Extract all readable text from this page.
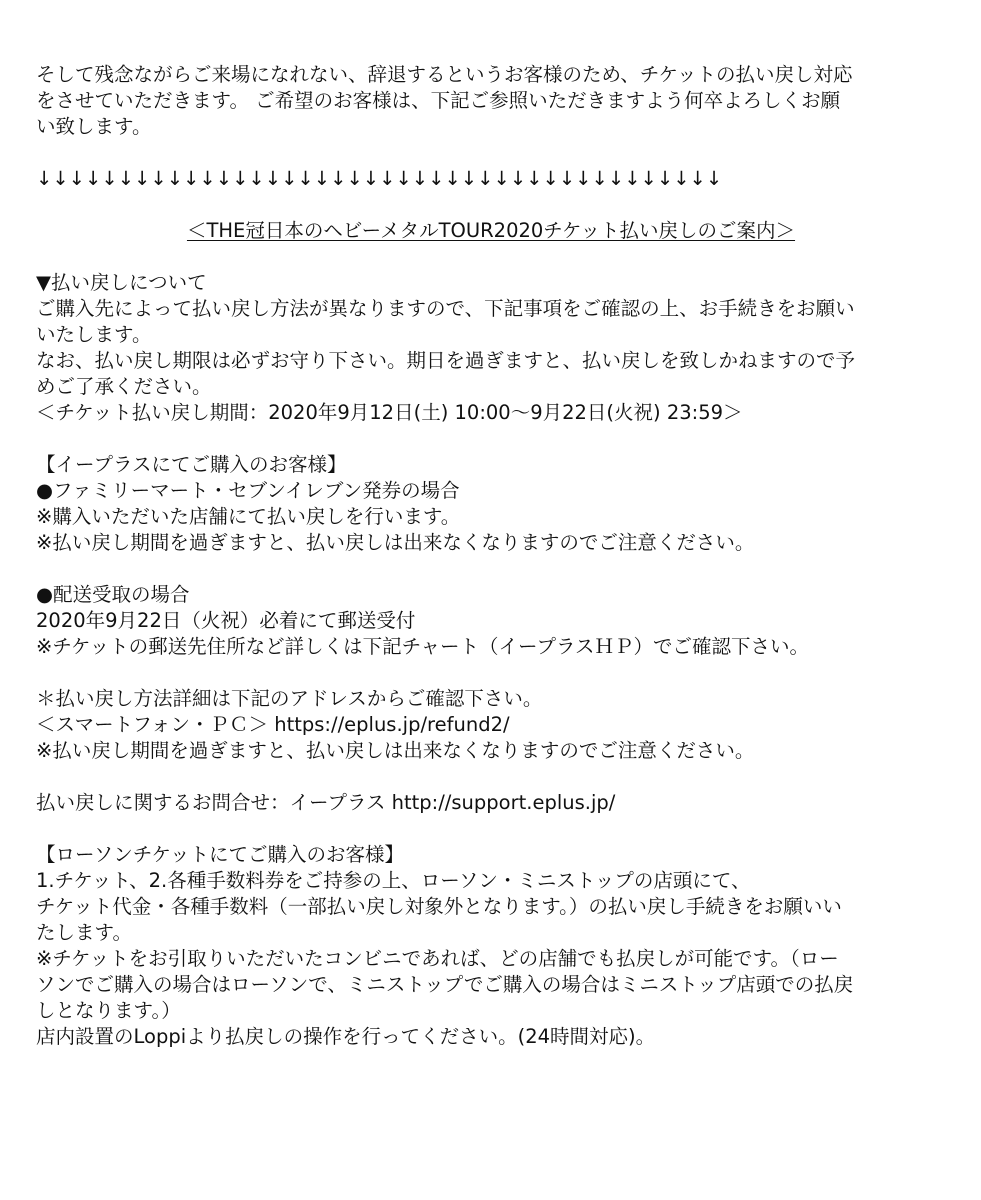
そして残念ながらご来場になれない、辞退するというお客様のため、チケットの払い戻し対応
をさせていただきます。 ご希望のお客様は、下記ご参照いただきますよう何卒よろしくお願
い致します。
↓↓↓↓↓↓↓↓↓↓↓↓↓↓↓↓↓↓↓↓↓↓↓↓↓↓↓↓↓↓↓↓↓↓↓↓↓↓↓↓↓↓
＜THE冠日本のヘビーメタルTOUR2020チケット払い戻しのご案内＞
▼払い戻しについて
ご購入先によって払い戻し方法が異なりますので、下記事項をご確認の上、お手続きをお願い
いたします。
なお、払い戻し期限は必ずお守り下さい。期日を過ぎますと、払い戻しを致しかねますので予
めご了承ください。
＜チケット払い戻し期間：2020年9月12日(土) 10:00〜9月22日(火祝) 23:59＞
【イープラスにてご購入のお客様】
●ファミリーマート・セブンイレブン発券の場合
※購入いただいた店舗にて払い戻しを行います。
※払い戻し期間を過ぎますと、払い戻しは出来なくなりますのでご注意ください。
●配送受取の場合
2020年9月22日（火祝）必着にて郵送受付
※チケットの郵送先住所など詳しくは下記チャート（イープラスＨＰ）でご確認下さい。
＊払い戻し方法詳細は下記のアドレスからご確認下さい。
＜スマートフォン・ＰＣ＞ https://eplus.jp/refund2/
※払い戻し期間を過ぎますと、払い戻しは出来なくなりますのでご注意ください。
払い戻しに関するお問合せ：イープラス http://support.eplus.jp/
【ローソンチケットにてご購入のお客様】
1.チケット、2.各種手数料券をご持参の上、ローソン・ミニストップの店頭にて、
チケット代金・各種手数料（一部払い戻し対象外となります。）の払い戻し手続きをお願いい
たします。
※チケットをお引取りいただいたコンビニであれば、どの店舗でも払戻しが可能です。（ロー
ソンでご購入の場合はローソンで、ミニストップでご購入の場合はミニストップ店頭での払戻
しとなります。）
店内設置のLoppiより払戻しの操作を行ってください。(24時間対応)。
